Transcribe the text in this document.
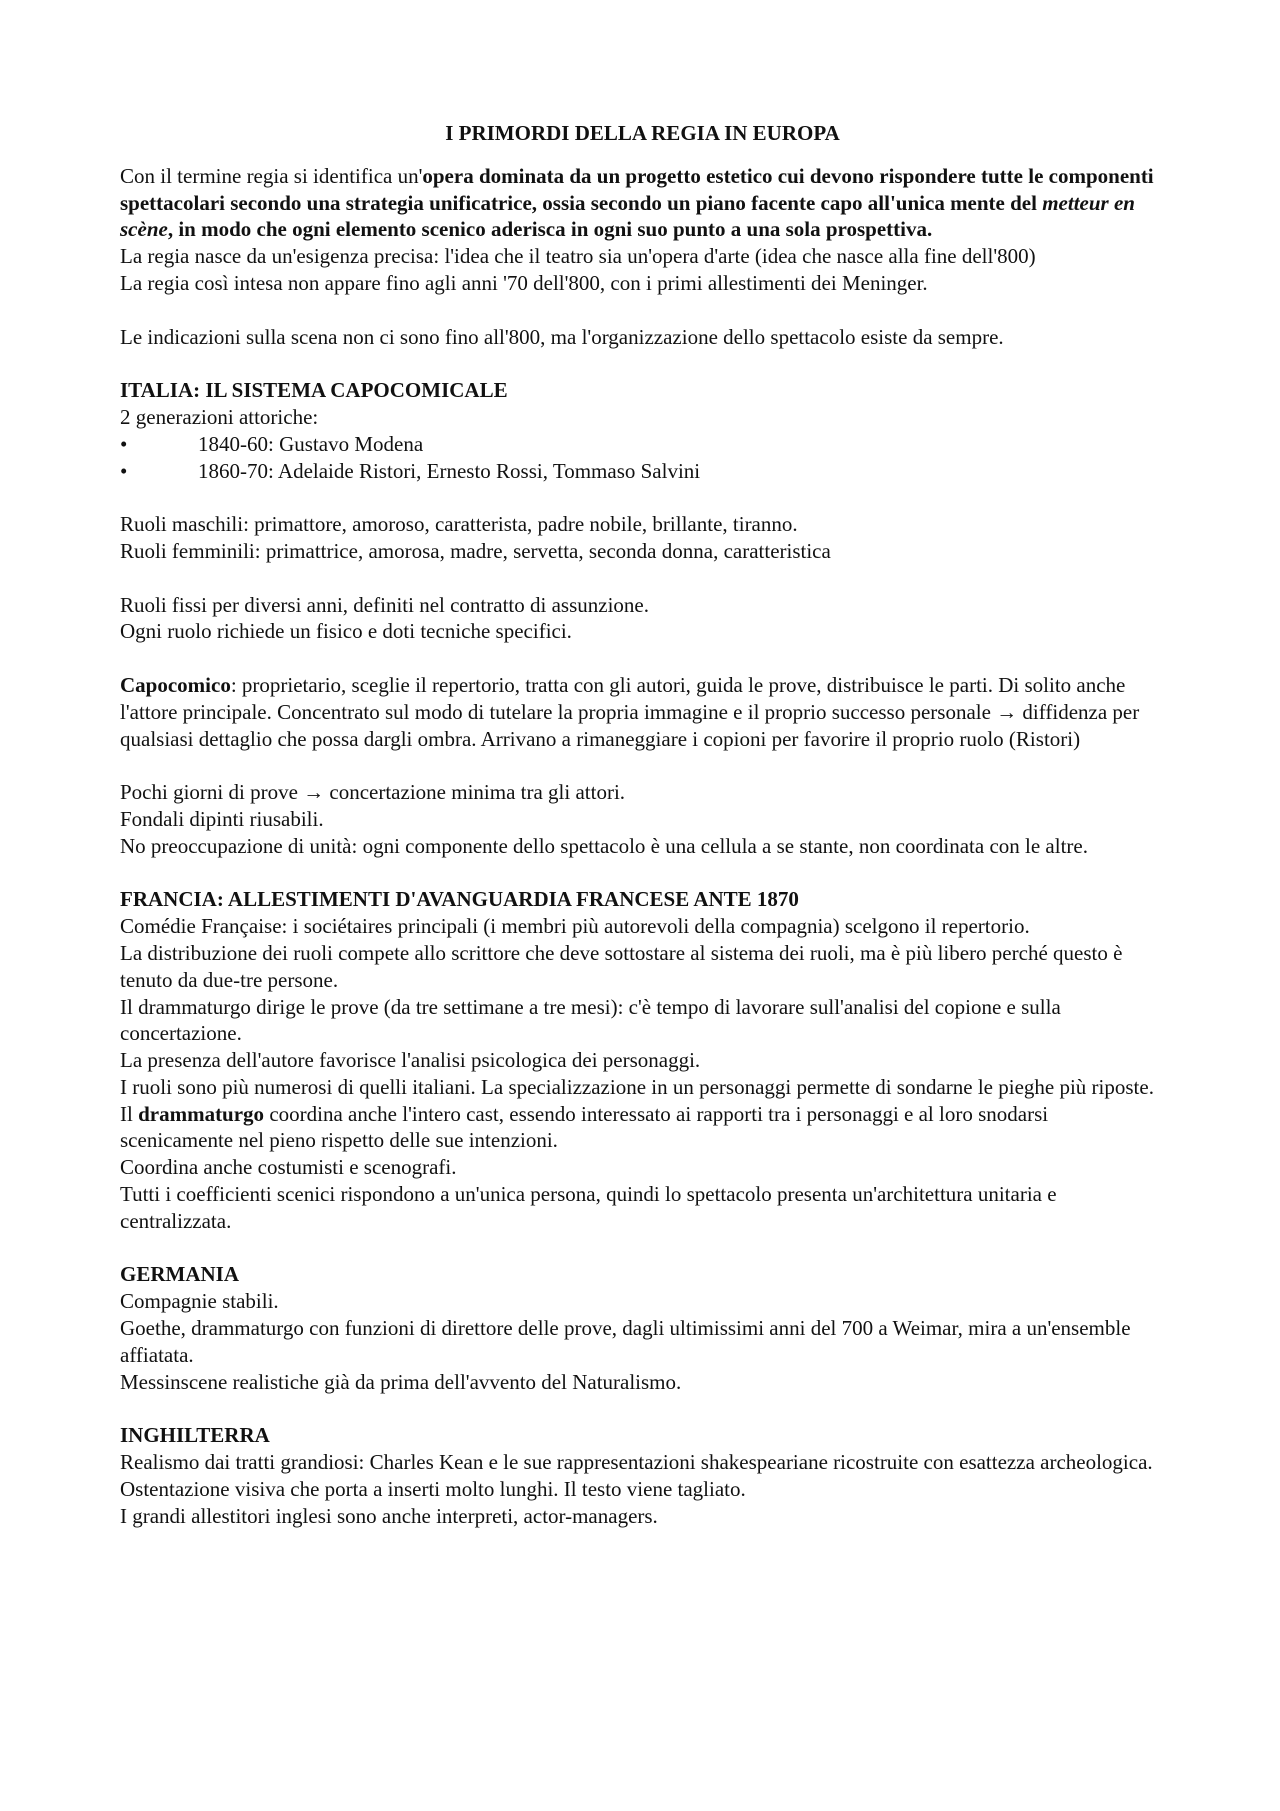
I PRIMORDI DELLA REGIA IN EUROPA

Con il termine regia si identifica un'opera dominata da un progetto estetico cui devono rispondere tutte le componenti spettacolari secondo una strategia unificatrice, ossia secondo un piano facente capo all'unica mente del metteur en scène, in modo che ogni elemento scenico aderisca in ogni suo punto a una sola prospettiva.

La regia nasce da un'esigenza precisa: l'idea che il teatro sia un'opera d'arte (idea che nasce alla fine dell'800)

La regia così intesa non appare fino agli anni '70 dell'800, con i primi allestimenti dei Meninger.

Le indicazioni sulla scena non ci sono fino all'800, ma l'organizzazione dello spettacolo esiste da sempre.

ITALIA: IL SISTEMA CAPOCOMICALE

2 generazioni attoriche:

•	1840-60: Gustavo Modena
•	1860-70: Adelaide Ristori, Ernesto Rossi, Tommaso Salvini

Ruoli maschili: primattore, amoroso, caratterista, padre nobile, brillante, tiranno.

Ruoli femminili: primattrice, amorosa, madre, servetta, seconda donna, caratteristica

Ruoli fissi per diversi anni, definiti nel contratto di assunzione.

Ogni ruolo richiede un fisico e doti tecniche specifici.

Capocomico: proprietario, sceglie il repertorio, tratta con gli autori, guida le prove, distribuisce le parti. Di solito anche l'attore principale. Concentrato sul modo di tutelare la propria immagine e il proprio successo personale → diffidenza per qualsiasi dettaglio che possa dargli ombra. Arrivano a rimaneggiare i copioni per favorire il proprio ruolo (Ristori)

Pochi giorni di prove → concertazione minima tra gli attori.

Fondali dipinti riusabili.

No preoccupazione di unità: ogni componente dello spettacolo è una cellula a se stante, non coordinata con le altre.

FRANCIA: ALLESTIMENTI D'AVANGUARDIA FRANCESE ANTE 1870

Comédie Française: i sociétaires principali (i membri più autorevoli della compagnia) scelgono il repertorio.

La distribuzione dei ruoli compete allo scrittore che deve sottostare al sistema dei ruoli, ma è più libero perché questo è tenuto da due-tre persone.

Il drammaturgo dirige le prove (da tre settimane a tre mesi): c'è tempo di lavorare sull'analisi del copione e sulla concertazione.

La presenza dell'autore favorisce l'analisi psicologica dei personaggi.

I ruoli sono più numerosi di quelli italiani. La specializzazione in un personaggi permette di sondarne le pieghe più riposte.

Il drammaturgo coordina anche l'intero cast, essendo interessato ai rapporti tra i personaggi e al loro snodarsi scenicamente nel pieno rispetto delle sue intenzioni.

Coordina anche costumisti e scenografi.

Tutti i coefficienti scenici rispondono a un'unica persona, quindi lo spettacolo presenta un'architettura unitaria e centralizzata.

GERMANIA

Compagnie stabili.

Goethe, drammaturgo con funzioni di direttore delle prove, dagli ultimissimi anni del 700 a Weimar, mira a un'ensemble affiatata.

Messinscene realistiche già da prima dell'avvento del Naturalismo.

INGHILTERRA

Realismo dai tratti grandiosi: Charles Kean e le sue rappresentazioni shakespeariane ricostruite con esattezza archeologica.

Ostentazione visiva che porta a inserti molto lunghi. Il testo viene tagliato.

I grandi allestitori inglesi sono anche interpreti, actor-managers.
